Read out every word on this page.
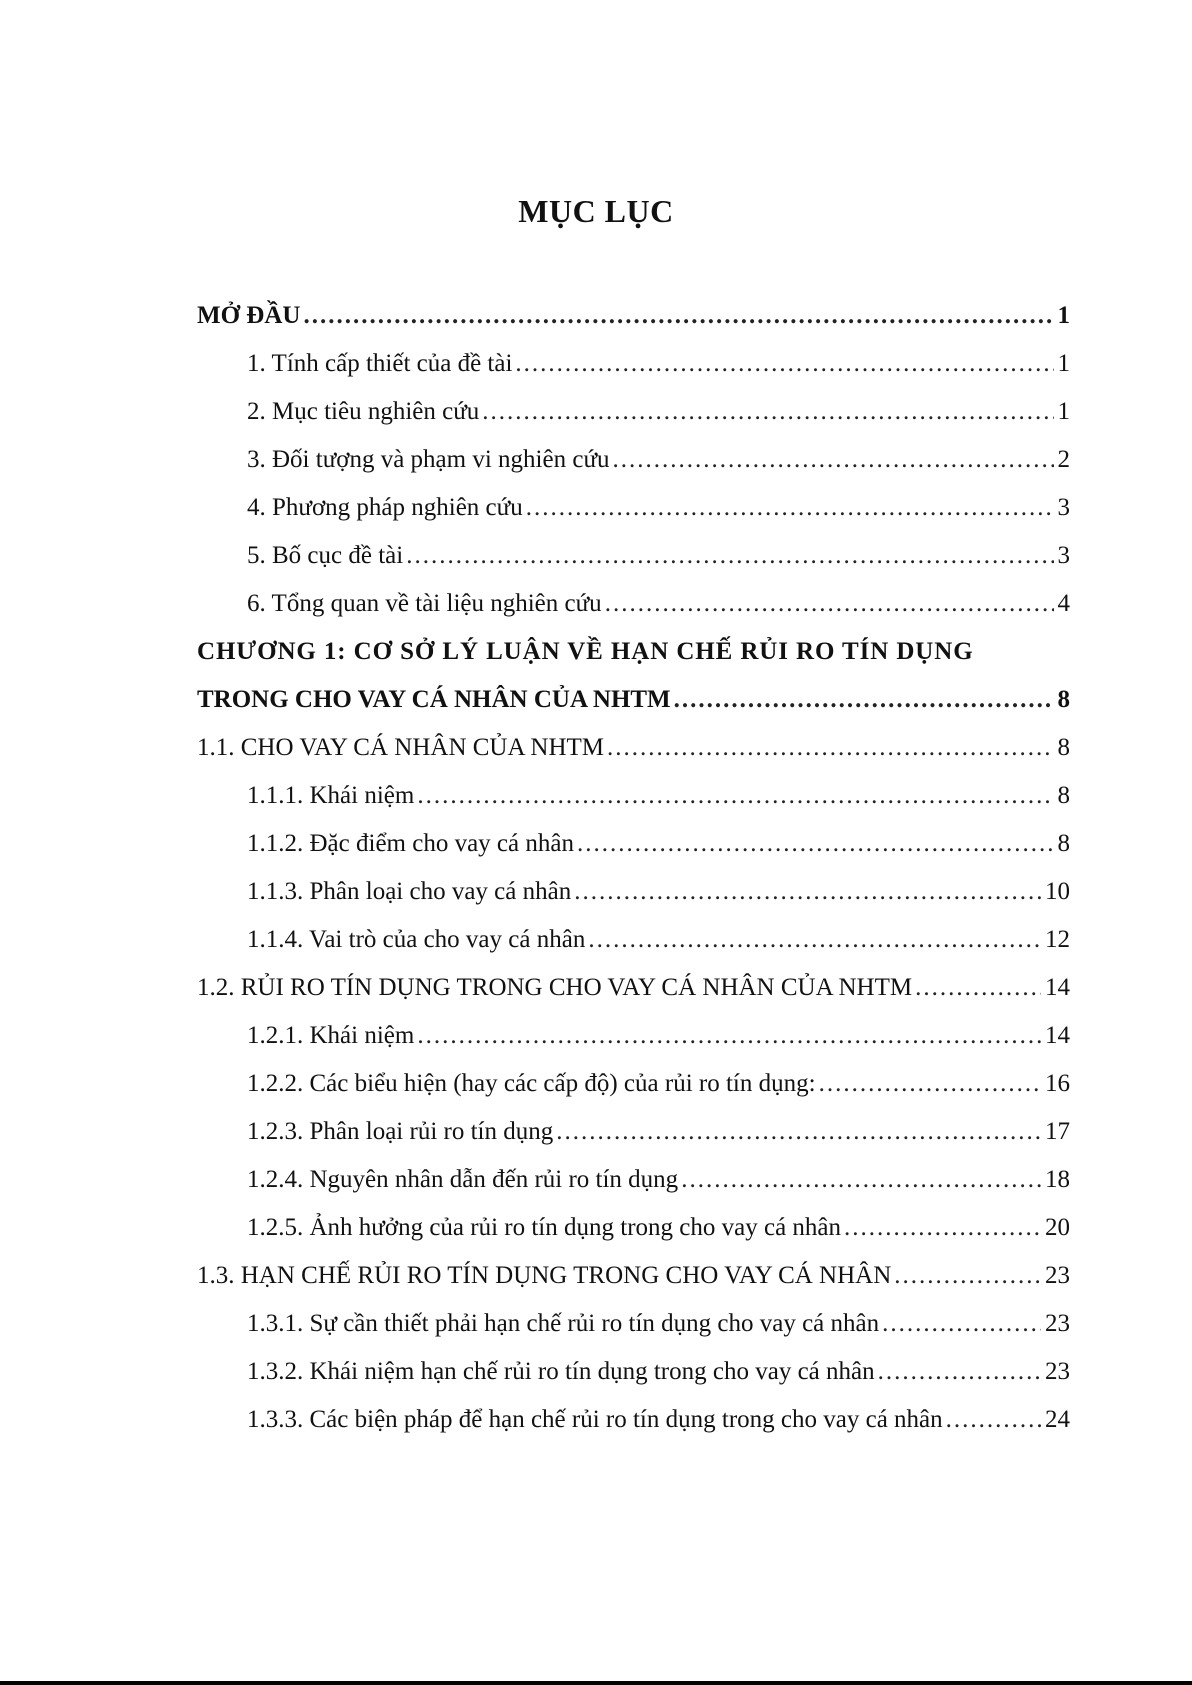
MỤC LỤC
MỞ ĐẦU .....	1
1. Tính cấp thiết của đề tài .....	1
2. Mục tiêu nghiên cứu .....	1
3. Đối tượng và phạm vi nghiên cứu .....	2
4. Phương pháp nghiên cứu .....	3
5. Bố cục đề tài .....	3
6. Tổng quan về tài liệu nghiên cứu .....	4
CHƯƠNG 1: CƠ SỞ LÝ LUẬN VỀ HẠN CHẾ RỦI RO TÍN DỤNG
TRONG CHO VAY CÁ NHÂN CỦA NHTM .....	8
1.1. CHO VAY CÁ NHÂN CỦA NHTM .....	8
1.1.1. Khái niệm .....	8
1.1.2. Đặc điểm cho vay cá nhân .....	8
1.1.3. Phân loại cho vay cá nhân .....	10
1.1.4. Vai trò của cho vay cá nhân .....	12
1.2. RỦI RO TÍN DỤNG TRONG CHO VAY CÁ NHÂN CỦA NHTM .....	14
1.2.1. Khái niệm .....	14
1.2.2. Các biểu hiện (hay các cấp độ) của rủi ro tín dụng: .....	16
1.2.3. Phân loại rủi ro tín dụng .....	17
1.2.4. Nguyên nhân dẫn đến rủi ro tín dụng .....	18
1.2.5. Ảnh hưởng của rủi ro tín dụng trong cho vay cá nhân .....	20
1.3. HẠN CHẾ RỦI RO TÍN DỤNG TRONG CHO VAY CÁ NHÂN .....	23
1.3.1. Sự cần thiết phải hạn chế rủi ro tín dụng cho vay cá nhân .....	23
1.3.2. Khái niệm hạn chế rủi ro tín dụng trong cho vay cá nhân .....	23
1.3.3. Các biện pháp để hạn chế rủi ro tín dụng trong cho vay cá nhân .....	24
